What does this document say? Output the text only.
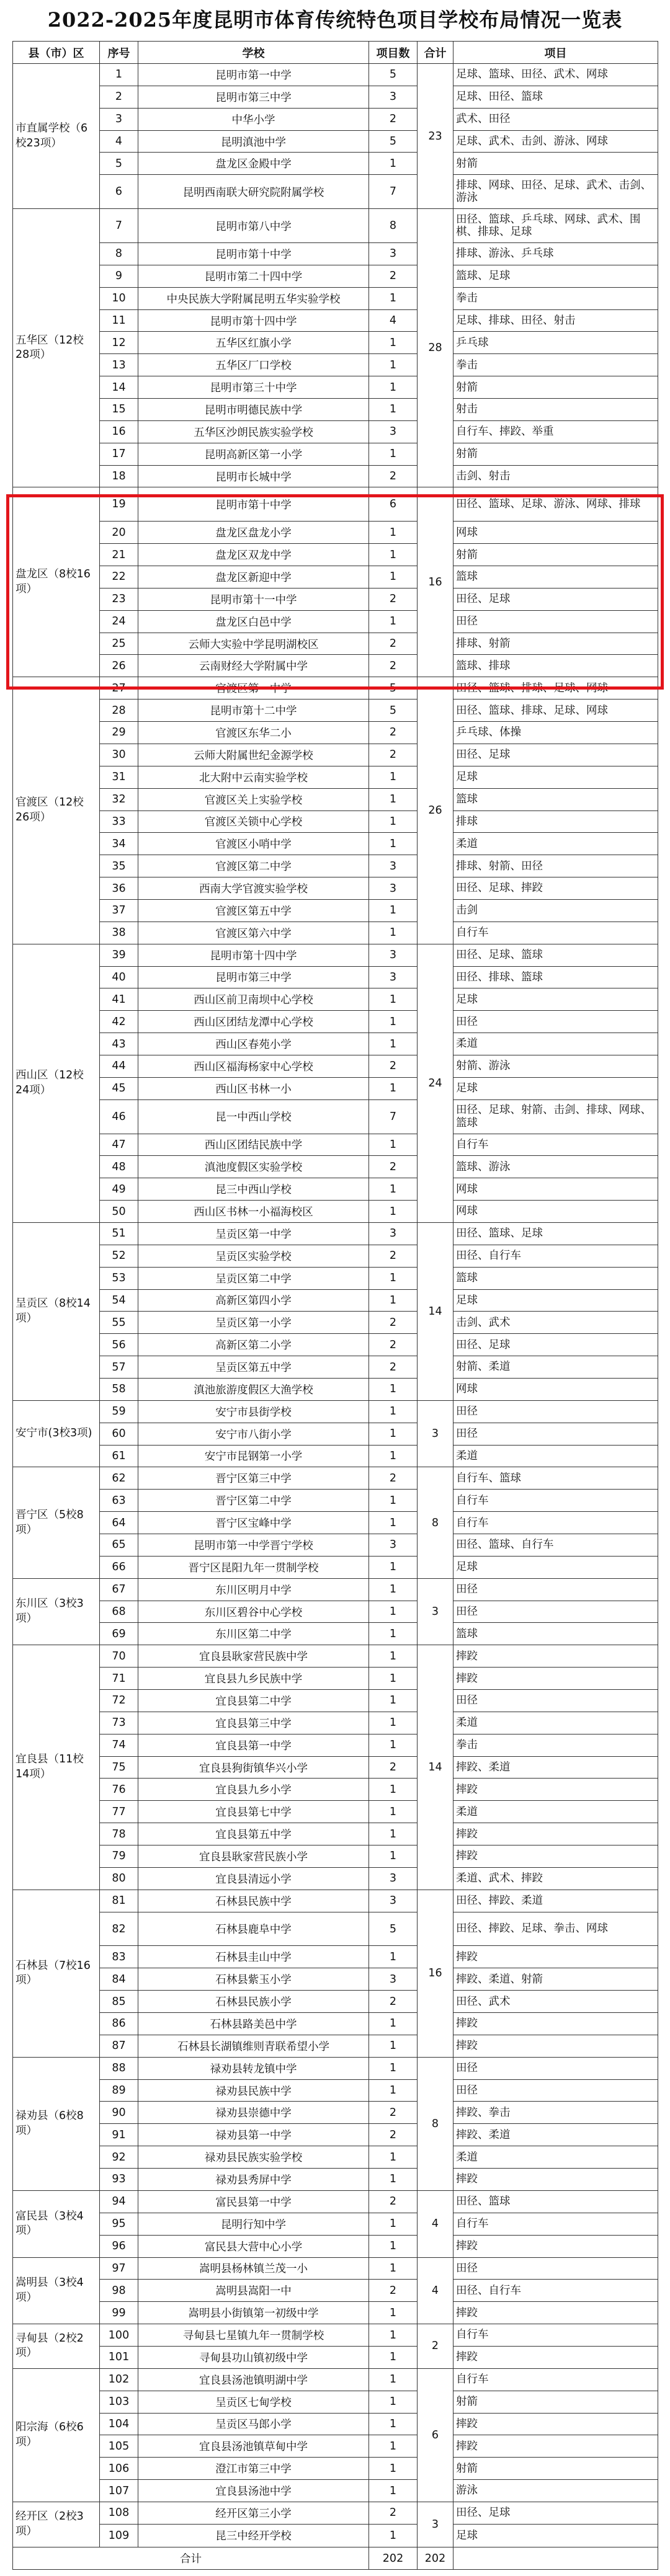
2022-2025年度昆明市体育传统特色项目学校布局情况一览表
县（市）区	序号	学校	项目数	合计	项目
市直属学校（6校23项）	1	昆明市第一中学	5	23	足球、篮球、田径、武术、网球
	2	昆明市第三中学	3		足球、田径、篮球
	3	中华小学	2		武术、田径
	4	昆明滇池中学	5		足球、武术、击剑、游泳、网球
	5	盘龙区金殿中学	1		射箭
	6	昆明西南联大研究院附属学校	7		排球、网球、田径、足球、武术、击剑、游泳
五华区（12校28项）	7	昆明市第八中学	8	28	田径、篮球、乒乓球、网球、武术、围棋、排球、足球
	8	昆明市第十中学	3		排球、游泳、乒乓球
	9	昆明市第二十四中学	2		篮球、足球
	10	中央民族大学附属昆明五华实验学校	1		拳击
	11	昆明市第十四中学	4		足球、排球、田径、射击
	12	五华区红旗小学	1		乒乓球
	13	五华区厂口学校	1		拳击
	14	昆明市第三十中学	1		射箭
	15	昆明市明德民族中学	1		射击
	16	五华区沙朗民族实验学校	3		自行车、摔跤、举重
	17	昆明高新区第一小学	1		射箭
	18	昆明市长城中学	2		击剑、射击
盘龙区（8校16项）	19	昆明市第十中学	6	16	田径、篮球、足球、游泳、网球、排球
	20	盘龙区盘龙小学	1		网球
	21	盘龙区双龙中学	1		射箭
	22	盘龙区新迎中学	1		篮球
	23	昆明市第十一中学	2		田径、足球
	24	盘龙区白邑中学	1		田径
	25	云师大实验中学昆明湖校区	2		排球、射箭
	26	云南财经大学附属中学	2		篮球、排球
官渡区（12校26项）	27	官渡区第一中学	5	26	田径、篮球、排球、足球、网球
	28	昆明市第十二中学	5		田径、篮球、排球、足球、网球
	29	官渡区东华二小	2		乒乓球、体操
	30	云师大附属世纪金源学校	2		田径、足球
	31	北大附中云南实验学校	1		足球
	32	官渡区关上实验学校	1		篮球
	33	官渡区关锁中心学校	1		排球
	34	官渡区小哨中学	1		柔道
	35	官渡区第二中学	3		排球、射箭、田径
	36	西南大学官渡实验学校	3		田径、足球、摔跤
	37	官渡区第五中学	1		击剑
	38	官渡区第六中学	1		自行车
西山区（12校24项）	39	昆明市第十四中学	3	24	田径、足球、篮球
	40	昆明市第三中学	3		田径、排球、篮球
	41	西山区前卫南坝中心学校	1		足球
	42	西山区团结龙潭中心学校	1		田径
	43	西山区春苑小学	1		柔道
	44	西山区福海杨家中心学校	2		射箭、游泳
	45	西山区书林一小	1		足球
	46	昆一中西山学校	7		田径、足球、射箭、击剑、排球、网球、篮球
	47	西山区团结民族中学	1		自行车
	48	滇池度假区实验学校	2		篮球、游泳
	49	昆三中西山学校	1		网球
	50	西山区书林一小福海校区	1		网球
呈贡区（8校14项）	51	呈贡区第一中学	3	14	田径、篮球、足球
	52	呈贡区实验学校	2		田径、自行车
	53	呈贡区第二中学	1		篮球
	54	高新区第四小学	1		足球
	55	呈贡区第一小学	2		击剑、武术
	56	高新区第二小学	2		田径、足球
	57	呈贡区第五中学	2		射箭、柔道
	58	滇池旅游度假区大渔学校	1		网球
安宁市(3校3项)	59	安宁市县街学校	1	3	田径
	60	安宁市八街小学	1		田径
	61	安宁市昆钢第一小学	1		柔道
晋宁区（5校8项）	62	晋宁区第三中学	2	8	自行车、篮球
	63	晋宁区第二中学	1		自行车
	64	晋宁区宝峰中学	1		自行车
	65	昆明市第一中学晋宁学校	3		田径、篮球、自行车
	66	晋宁区昆阳九年一贯制学校	1		足球
东川区（3校3项）	67	东川区明月中学	1	3	田径
	68	东川区碧谷中心学校	1		田径
	69	东川区第二中学	1		篮球
宜良县（11校14项）	70	宜良县耿家营民族中学	1	14	摔跤
	71	宜良县九乡民族中学	1		摔跤
	72	宜良县第二中学	1		田径
	73	宜良县第三中学	1		柔道
	74	宜良县第一中学	1		拳击
	75	宜良县狗街镇华兴小学	2		摔跤、柔道
	76	宜良县九乡小学	1		摔跤
	77	宜良县第七中学	1		柔道
	78	宜良县第五中学	1		摔跤
	79	宜良县耿家营民族小学	1		摔跤
	80	宜良县清远小学	3		柔道、武术、摔跤
石林县（7校16项）	81	石林县民族中学	3	16	田径、摔跤、柔道
	82	石林县鹿阜中学	5		田径、摔跤、足球、拳击、网球
	83	石林县圭山中学	1		摔跤
	84	石林县紫玉小学	3		摔跤、柔道、射箭
	85	石林县民族小学	2		田径、武术
	86	石林县路美邑中学	1		摔跤
	87	石林县长湖镇维则青联希望小学	1		摔跤
禄劝县（6校8项）	88	禄劝县转龙镇中学	1	8	田径
	89	禄劝县民族中学	1		田径
	90	禄劝县崇德中学	2		摔跤、拳击
	91	禄劝县第一中学	2		摔跤、柔道
	92	禄劝县民族实验学校	1		柔道
	93	禄劝县秀屏中学	1		摔跤
富民县（3校4项）	94	富民县第一中学	2	4	田径、篮球
	95	昆明行知中学	1		自行车
	96	富民县大营中心小学	1		摔跤
嵩明县（3校4项）	97	嵩明县杨林镇兰茂一小	1	4	田径
	98	嵩明县嵩阳一中	2		田径、自行车
	99	嵩明县小街镇第一初级中学	1		摔跤
寻甸县（2校2项）	100	寻甸县七星镇九年一贯制学校	1	2	自行车
	101	寻甸县功山镇初级中学	1		摔跤
阳宗海（6校6项）	102	宜良县汤池镇明湖中学	1	6	自行车
	103	呈贡区七甸学校	1		射箭
	104	呈贡区马郎小学	1		摔跤
	105	宜良县汤池镇草甸中学	1		摔跤
	106	澄江市第三中学	1		射箭
	107	宜良县汤池中学	1		游泳
经开区（2校3项）	108	经开区第三小学	2	3	田径、足球
	109	昆三中经开学校	1		足球
合计			202	202	
